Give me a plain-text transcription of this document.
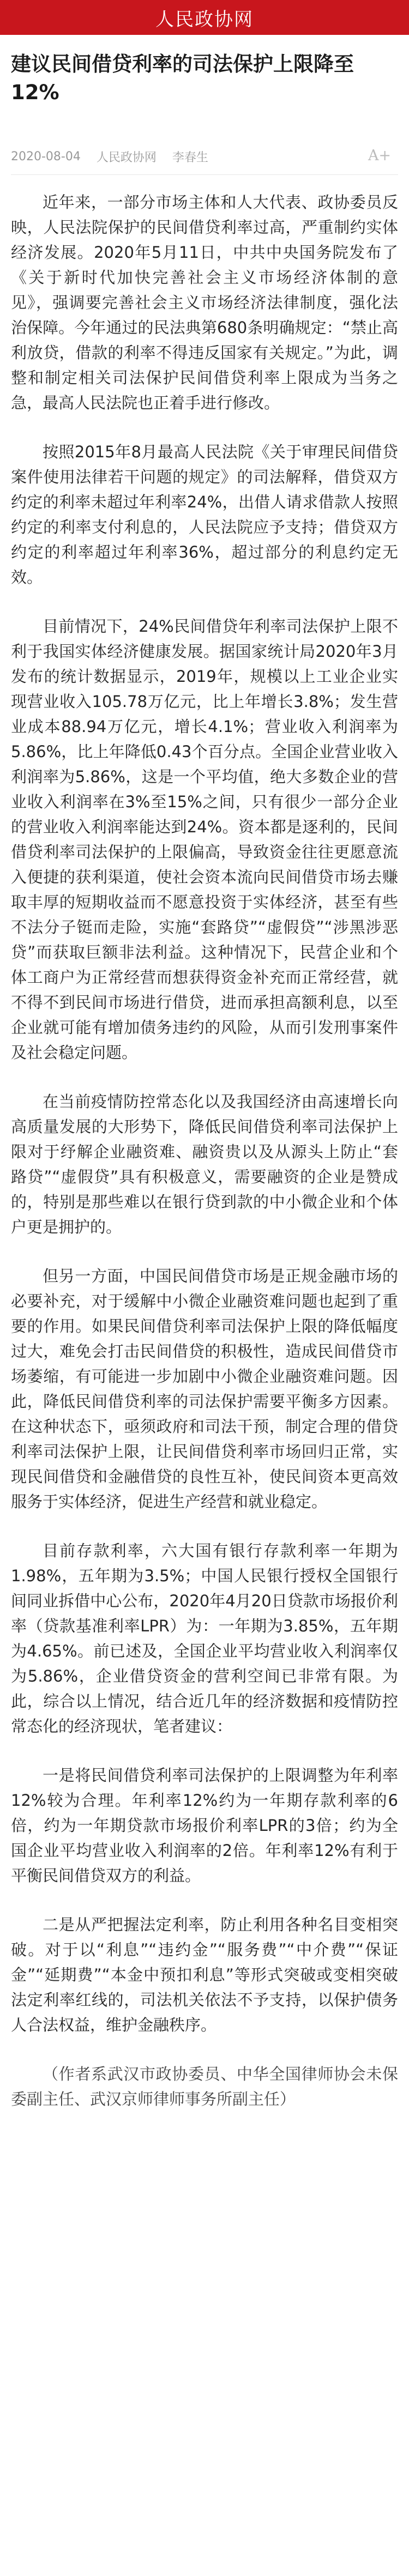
人民政协网
建议民间借贷利率的司法保护上限降至12%
2020-08-04 人民政协网 李春生	A+

近年来，一部分市场主体和人大代表、政协委员反映，人民法院保护的民间借贷利率过高，严重制约实体经济发展。2020年5月11日，中共中央国务院发布了《关于新时代加快完善社会主义市场经济体制的意见》，强调要完善社会主义市场经济法律制度，强化法治保障。今年通过的民法典第680条明确规定：“禁止高利放贷，借款的利率不得违反国家有关规定。”为此，调整和制定相关司法保护民间借贷利率上限成为当务之急，最高人民法院也正着手进行修改。

按照2015年8月最高人民法院《关于审理民间借贷案件使用法律若干问题的规定》的司法解释，借贷双方约定的利率未超过年利率24%，出借人请求借款人按照约定的利率支付利息的，人民法院应予支持；借贷双方约定的利率超过年利率36%，超过部分的利息约定无效。

目前情况下，24%民间借贷年利率司法保护上限不利于我国实体经济健康发展。据国家统计局2020年3月发布的统计数据显示，2019年，规模以上工业企业实现营业收入105.78万亿元，比上年增长3.8%；发生营业成本88.94万亿元，增长4.1%；营业收入利润率为5.86%，比上年降低0.43个百分点。全国企业营业收入利润率为5.86%，这是一个平均值，绝大多数企业的营业收入利润率在3%至15%之间，只有很少一部分企业的营业收入利润率能达到24%。资本都是逐利的，民间借贷利率司法保护的上限偏高，导致资金往往更愿意流入便捷的获利渠道，使社会资本流向民间借贷市场去赚取丰厚的短期收益而不愿意投资于实体经济，甚至有些不法分子铤而走险，实施“套路贷”“虚假贷”“涉黑涉恶贷”而获取巨额非法利益。这种情况下，民营企业和个体工商户为正常经营而想获得资金补充而正常经营，就不得不到民间市场进行借贷，进而承担高额利息，以至企业就可能有增加债务违约的风险，从而引发刑事案件及社会稳定问题。

在当前疫情防控常态化以及我国经济由高速增长向高质量发展的大形势下，降低民间借贷利率司法保护上限对于纾解企业融资难、融资贵以及从源头上防止“套路贷”“虚假贷”具有积极意义，需要融资的企业是赞成的，特别是那些难以在银行贷到款的中小微企业和个体户更是拥护的。

但另一方面，中国民间借贷市场是正规金融市场的必要补充，对于缓解中小微企业融资难问题也起到了重要的作用。如果民间借贷利率司法保护上限的降低幅度过大，难免会打击民间借贷的积极性，造成民间借贷市场萎缩，有可能进一步加剧中小微企业融资难问题。因此，降低民间借贷利率的司法保护需要平衡多方因素。在这种状态下，亟须政府和司法干预，制定合理的借贷利率司法保护上限，让民间借贷利率市场回归正常，实现民间借贷和金融借贷的良性互补，使民间资本更高效服务于实体经济，促进生产经营和就业稳定。

目前存款利率，六大国有银行存款利率一年期为1.98%，五年期为3.5%；中国人民银行授权全国银行间同业拆借中心公布，2020年4月20日贷款市场报价利率（贷款基准利率LPR）为：一年期为3.85%，五年期为4.65%。前已述及，全国企业平均营业收入利润率仅为5.86%，企业借贷资金的营利空间已非常有限。为此，综合以上情况，结合近几年的经济数据和疫情防控常态化的经济现状，笔者建议：

一是将民间借贷利率司法保护的上限调整为年利率12%较为合理。年利率12%约为一年期存款利率的6倍，约为一年期贷款市场报价利率LPR的3倍；约为全国企业平均营业收入利润率的2倍。年利率12%有利于平衡民间借贷双方的利益。

二是从严把握法定利率，防止利用各种名目变相突破。对于以“利息”“违约金”“服务费”“中介费”“保证金”“延期费”“本金中预扣利息”等形式突破或变相突破法定利率红线的，司法机关依法不予支持，以保护债务人合法权益，维护金融秩序。

（作者系武汉市政协委员、中华全国律师协会未保委副主任、武汉京师律师事务所副主任）
